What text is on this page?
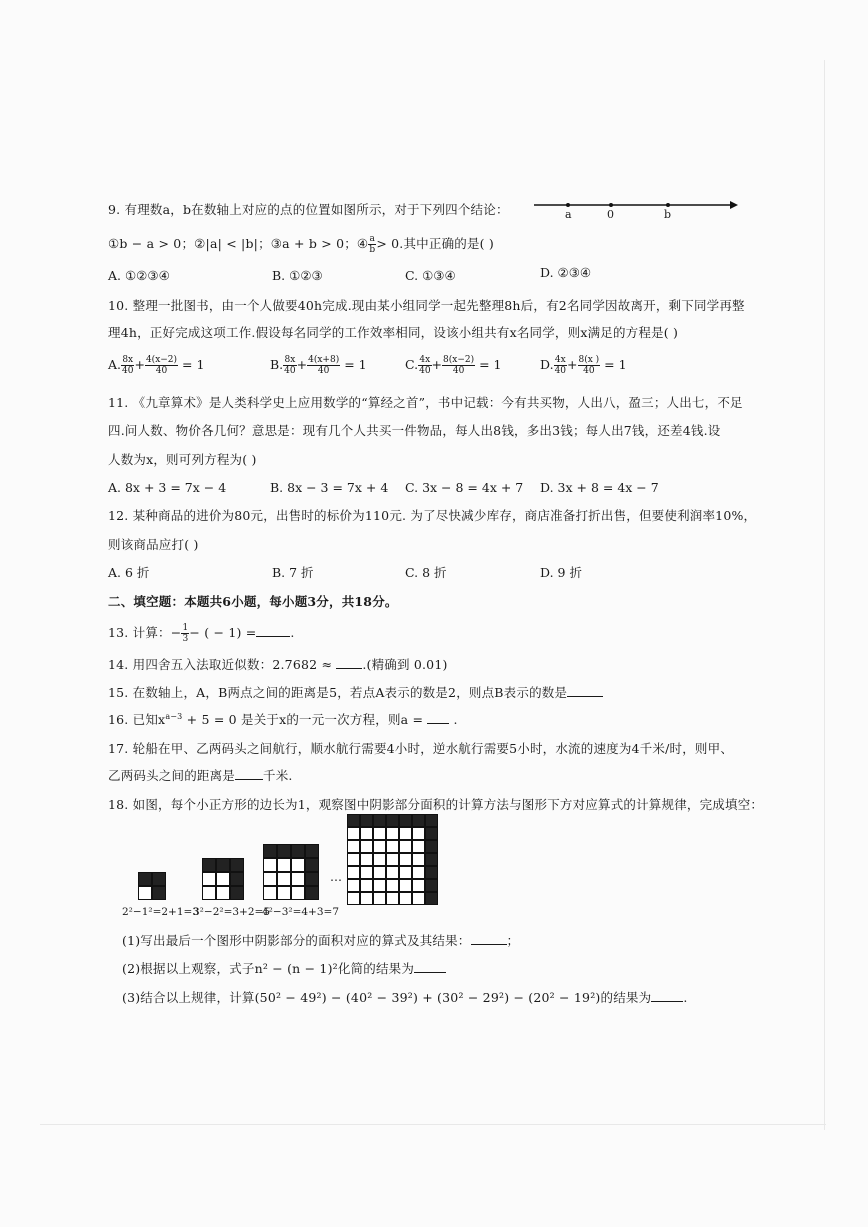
9. 有理数a，b在数轴上对应的点的位置如图所示，对于下列四个结论：	a	0	b
①b − a > 0；②|a| < |b|；③a + b > 0；④ $\frac{a}{b} > 0$.其中正确的是( )
A. ①②③④	B. ①②③	C. ①③④	D. ②③④
10. 整理一批图书，由一个人做要40h完成.现由某小组同学一起先整理8h后，有2名同学因故离开，剩下同学再整
理4h，正好完成这项工作.假设每名同学的工作效率相同，设该小组共有x名同学，则x满足的方程是( )
A. $\frac{8x}{40} + \frac{4(x-2)}{40} = 1$	B. $\frac{8x}{40} + \frac{4(x+8)}{40} = 1$	C. $\frac{4x}{40} + \frac{8(x-2)}{40} = 1$	D. $\frac{4x}{40} + \frac{8(x )}{40} = 1$
11. 《九章算术》是人类科学史上应用数学的“算经之首”，书中记载：今有共买物，人出八，盈三；人出七，不足
四.问人数、物价各几何？意思是：现有几个人共买一件物品，每人出8钱，多出3钱；每人出7钱，还差4钱.设
人数为x，则可列方程为( )
A. 8x + 3 = 7x − 4	B. 8x − 3 = 7x + 4 C. 3x − 8 = 4x + 7 D. 3x + 8 = 4x − 7
12. 某种商品的进价为80元，出售时的标价为110元. 为了尽快减少库存，商店准备打折出售，但要使利润率10%，
则该商品应打( )
A. 6 折	B. 7 折	C. 8 折	D. 9 折
二、填空题：本题共6小题，每小题3分，共18分。
13. 计算：− $\frac{1}{3}$ − ( − 1) =	.
14. 用四舍五入法取近似数：2.7682 ≈ .(精确到 0.01)
15. 在数轴上，A，B两点之间的距离是5，若点A表示的数是2，则点B表示的数是
16. 已知$x^{a-3} + 5 = 0$ 是关于x的一元一次方程，则a = .
17. 轮船在甲、乙两码头之间航行，顺水航行需要4小时，逆水航行需要5小时，水流的速度为4千米/时，则甲、
乙两码头之间的距离是 千米.
18. 如图，每个小正方形的边长为1，观察图中阴影部分面积的计算方法与图形下方对应算式的计算规律，完成填空：
2²−1²=2+1=3
3²−2²=3+2=5
4²−3²=4+3=7
…
(1)写出最后一个图形中阴影部分的面积对应的算式及其结果：	；
(2)根据以上观察，式子n² − (n − 1)²化简的结果为
(3)结合以上规律，计算(50² − 49²) − (40² − 39²) + (30² − 29²) − (20² − 19²)的结果为	.
